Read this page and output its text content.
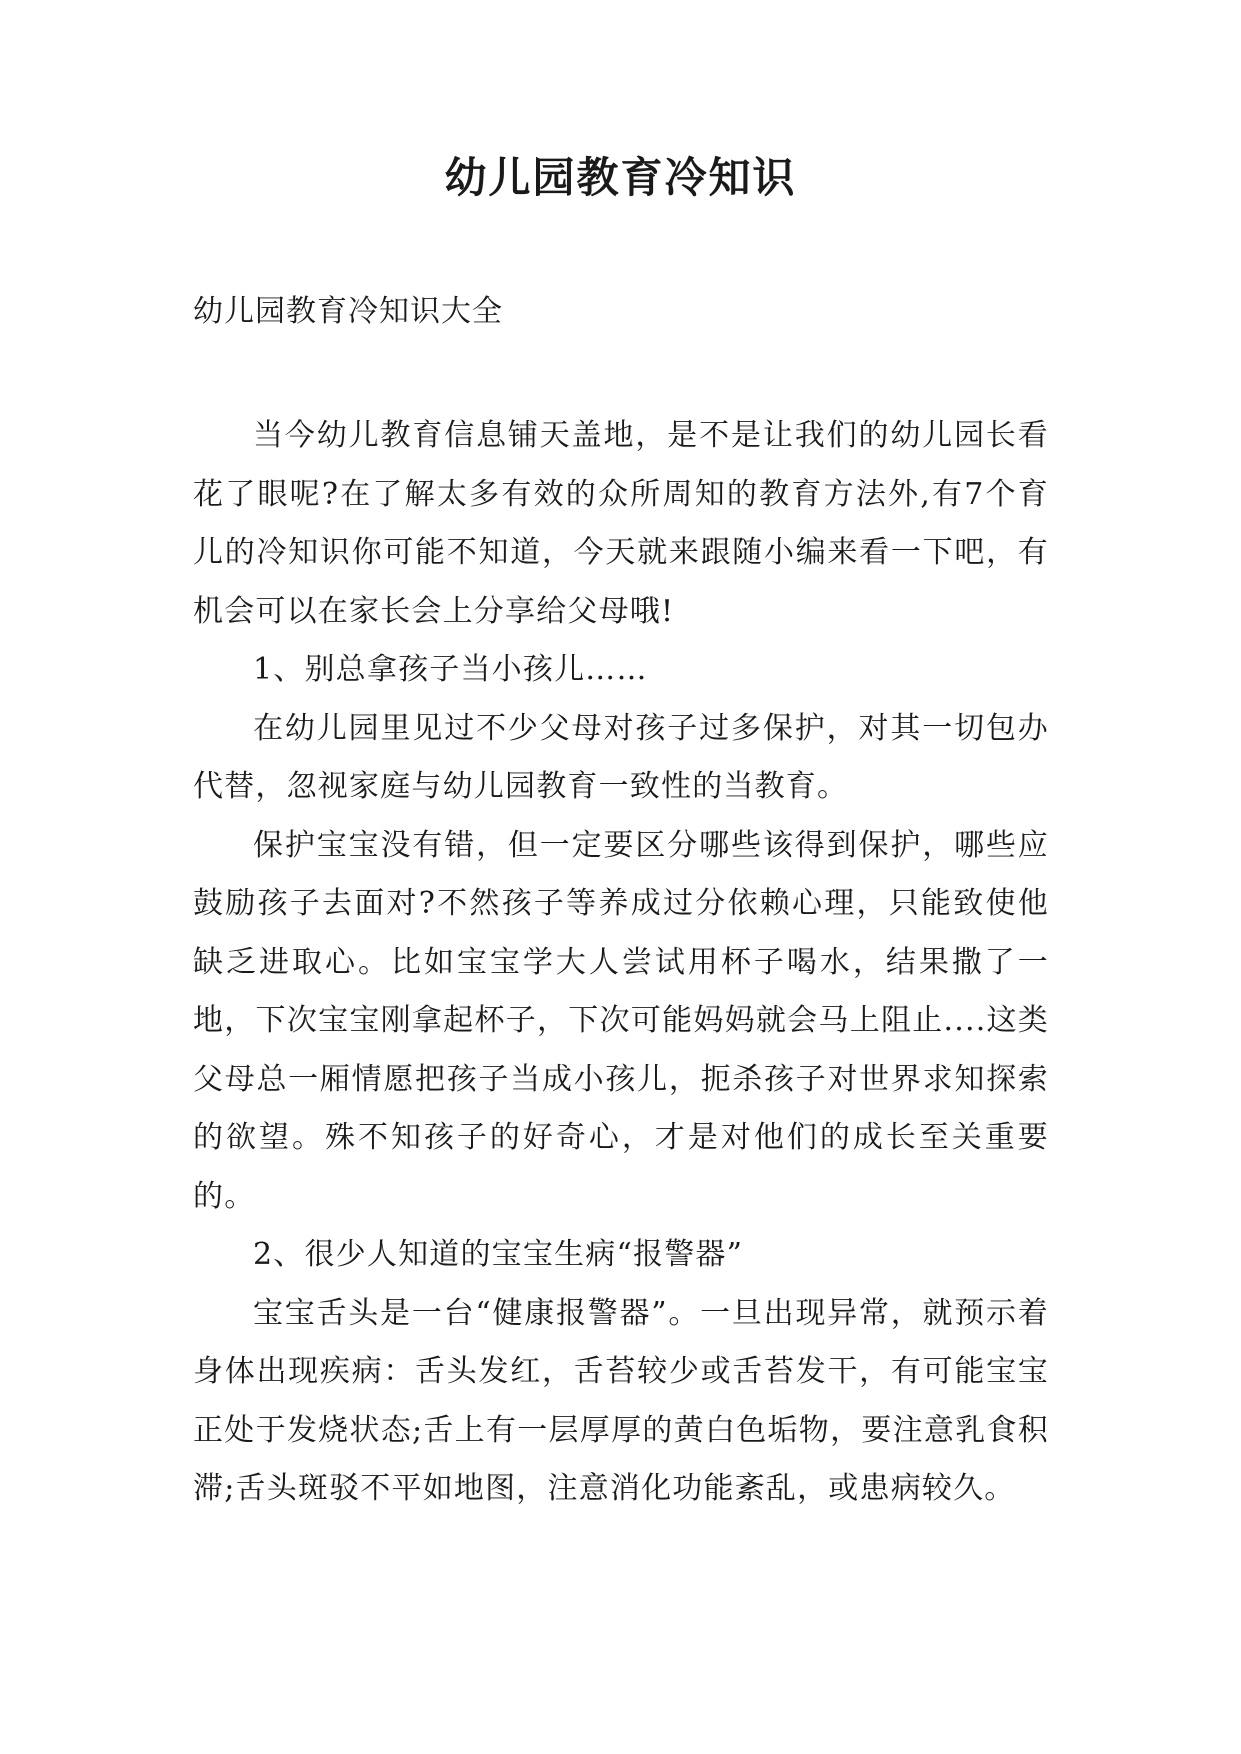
幼儿园教育冷知识

幼儿园教育冷知识大全

当今幼儿教育信息铺天盖地，是不是让我们的幼儿园长看花了眼呢?在了解太多有效的众所周知的教育方法外,有7个育儿的冷知识你可能不知道，今天就来跟随小编来看一下吧，有机会可以在家长会上分享给父母哦!

1、别总拿孩子当小孩儿……

在幼儿园里见过不少父母对孩子过多保护，对其一切包办代替，忽视家庭与幼儿园教育一致性的当教育。

保护宝宝没有错，但一定要区分哪些该得到保护，哪些应鼓励孩子去面对?不然孩子等养成过分依赖心理，只能致使他缺乏进取心。比如宝宝学大人尝试用杯子喝水，结果撒了一地，下次宝宝刚拿起杯子，下次可能妈妈就会马上阻止....这类父母总一厢情愿把孩子当成小孩儿，扼杀孩子对世界求知探索的欲望。殊不知孩子的好奇心，才是对他们的成长至关重要的。

2、很少人知道的宝宝生病“报警器”

宝宝舌头是一台“健康报警器”。一旦出现异常，就预示着身体出现疾病：舌头发红，舌苔较少或舌苔发干，有可能宝宝正处于发烧状态;舌上有一层厚厚的黄白色垢物，要注意乳食积滞;舌头斑驳不平如地图，注意消化功能紊乱，或患病较久。
